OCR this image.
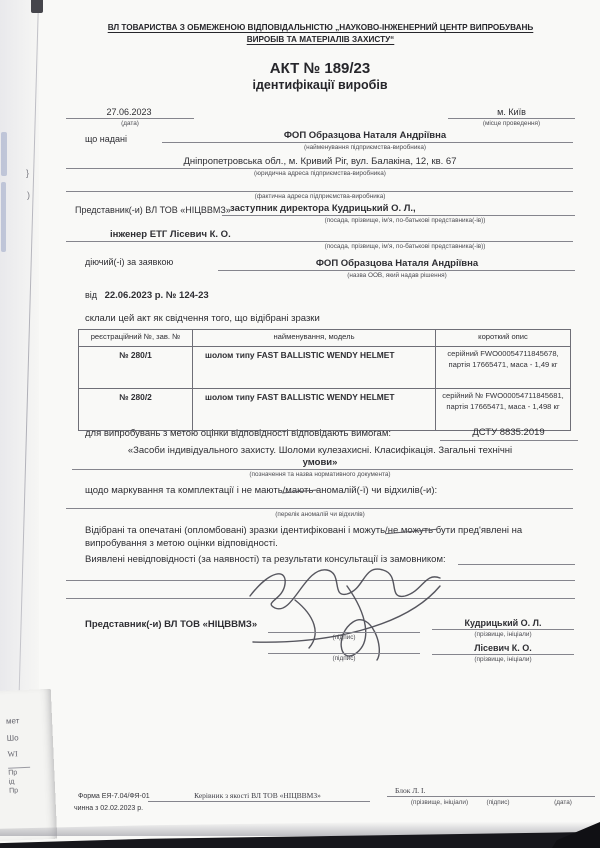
ВЛ ТОВАРИСТВА З ОБМЕЖЕНОЮ ВІДПОВІДАЛЬНІСТЮ „НАУКОВО-ІНЖЕНЕРНИЙ ЦЕНТР ВИПРОБУВАНЬ
ВИРОБІВ ТА МАТЕРІАЛІВ ЗАХИСТУ“
АКТ № 189/23
ідентифікації виробів
27.06.2023
(дата)
м. Київ
(місце проведення)
що надані	ФОП Образцова Наталя Андріївна
(найменування підприємства-виробника)
Дніпропетровська обл., м. Кривий Ріг, вул. Балакіна, 12, кв. 67
(юридична адреса підприємства-виробника)
(фактична адреса підприємства-виробника)
Представник(-и) ВЛ ТОВ «НІЦВВМЗ» заступник директора Кудрицький О. Л.,
(посада, прізвище, ім'я, по-батькові представника(-ів))
інженер ЕТГ Лісевич К. О.
(посада, прізвище, ім'я, по-батькові представника(-ів))
діючий(-і) за заявкою	ФОП Образцова Наталя Андріївна
(назва ООВ, який надав рішення)
від 22.06.2023 р. № 124-23
склали цей акт як свідчення того, що відібрані зразки
реєстраційний №, зав. №	найменування, модель	короткий опис
№ 280/1	шолом типу FAST BALLISTIC WENDY HELMET	серійний FWO00054711845678, партія 17665471, маса - 1,49 кг
№ 280/2	шолом типу FAST BALLISTIC WENDY HELMET	серійний № FWO00054711845681, партія 17665471, маса - 1,498 кг
для випробувань з метою оцінки відповідності відповідають вимогам:	ДСТУ 8835:2019
«Засоби індивідуального захисту. Шоломи кулезахисні. Класифікація. Загальні технічні
умови»
(позначення та назва нормативного документа)
щодо маркування та комплектації і не мають/мають аномалій(-ї) чи відхилів(-и):
(перелік аномалій чи відхилів)
Відібрані та опечатані (опломбовані) зразки ідентифіковані і можуть/не можуть бути пред'явлені на випробування з метою оцінки відповідності.
Виявлені невідповідності (за наявності) та результати консультації із замовником:
Представник(-и) ВЛ ТОВ «НІЦВВМЗ»
(підпис)
Кудрицький О. Л.
(прізвище, ініціали)
Лісевич К. О.
(прізвище, ініціали)
(підпис)
Форма ЕЯ-7.04/ФЯ-01
чинна з 02.02.2023 р.
Керівник з якості ВЛ ТОВ «НІЦВВМЗ»
Блок Л. І.
(прізвище, ініціали)	(підпис)	(дата)
}
)
мет
Шо
WI
Пр
ід
Пр
